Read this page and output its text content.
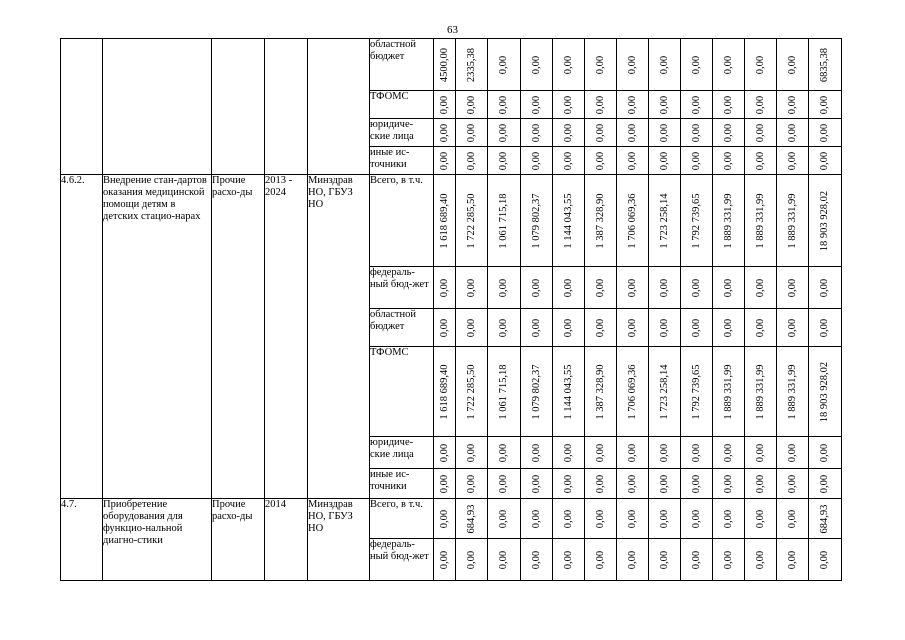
63
					областной бюджет	4500,00	2335,38	0,00	0,00	0,00	0,00	0,00	0,00	0,00	0,00	0,00	0,00	6835,38

					ТФОМС	0,00	0,00	0,00	0,00	0,00	0,00	0,00	0,00	0,00	0,00	0,00	0,00	0,00

					юридиче-ские лица	0,00	0,00	0,00	0,00	0,00	0,00	0,00	0,00	0,00	0,00	0,00	0,00	0,00

					иные ис-точники	0,00	0,00	0,00	0,00	0,00	0,00	0,00	0,00	0,00	0,00	0,00	0,00	0,00

4.6.2.	Внедрение стан-дартов оказания медицинской помощи детям в детских стацио-нарах	Прочие расхо-ды	2013 - 2024	Минздрав НО, ГБУЗ НО	Всего, в т.ч.	1 618 689,40	1 722 285,50	1 061 715,18	1 079 802,37	1 144 043,55	1 387 328,90	1 706 069,36	1 723 258,14	1 792 739,65	1 889 331,99	1 889 331,99	1 889 331,99	18 903 928,02

					федераль-ный бюд-жет	0,00	0,00	0,00	0,00	0,00	0,00	0,00	0,00	0,00	0,00	0,00	0,00	0,00

					областной бюджет	0,00	0,00	0,00	0,00	0,00	0,00	0,00	0,00	0,00	0,00	0,00	0,00	0,00

					ТФОМС	1 618 689,40	1 722 285,50	1 061 715,18	1 079 802,37	1 144 043,55	1 387 328,90	1 706 069,36	1 723 258,14	1 792 739,65	1 889 331,99	1 889 331,99	1 889 331,99	18 903 928,02

					юридиче-ские лица	0,00	0,00	0,00	0,00	0,00	0,00	0,00	0,00	0,00	0,00	0,00	0,00	0,00

					иные ис-точники	0,00	0,00	0,00	0,00	0,00	0,00	0,00	0,00	0,00	0,00	0,00	0,00	0,00

4.7.	Приобретение оборудования для функцио-нальной диагно-стики	Прочие расхо-ды	2014	Минздрав НО, ГБУЗ НО	Всего, в т.ч.	0,00	684,93	0,00	0,00	0,00	0,00	0,00	0,00	0,00	0,00	0,00	0,00	684,93

					федераль-ный бюд-жет	0,00	0,00	0,00	0,00	0,00	0,00	0,00	0,00	0,00	0,00	0,00	0,00	0,00
